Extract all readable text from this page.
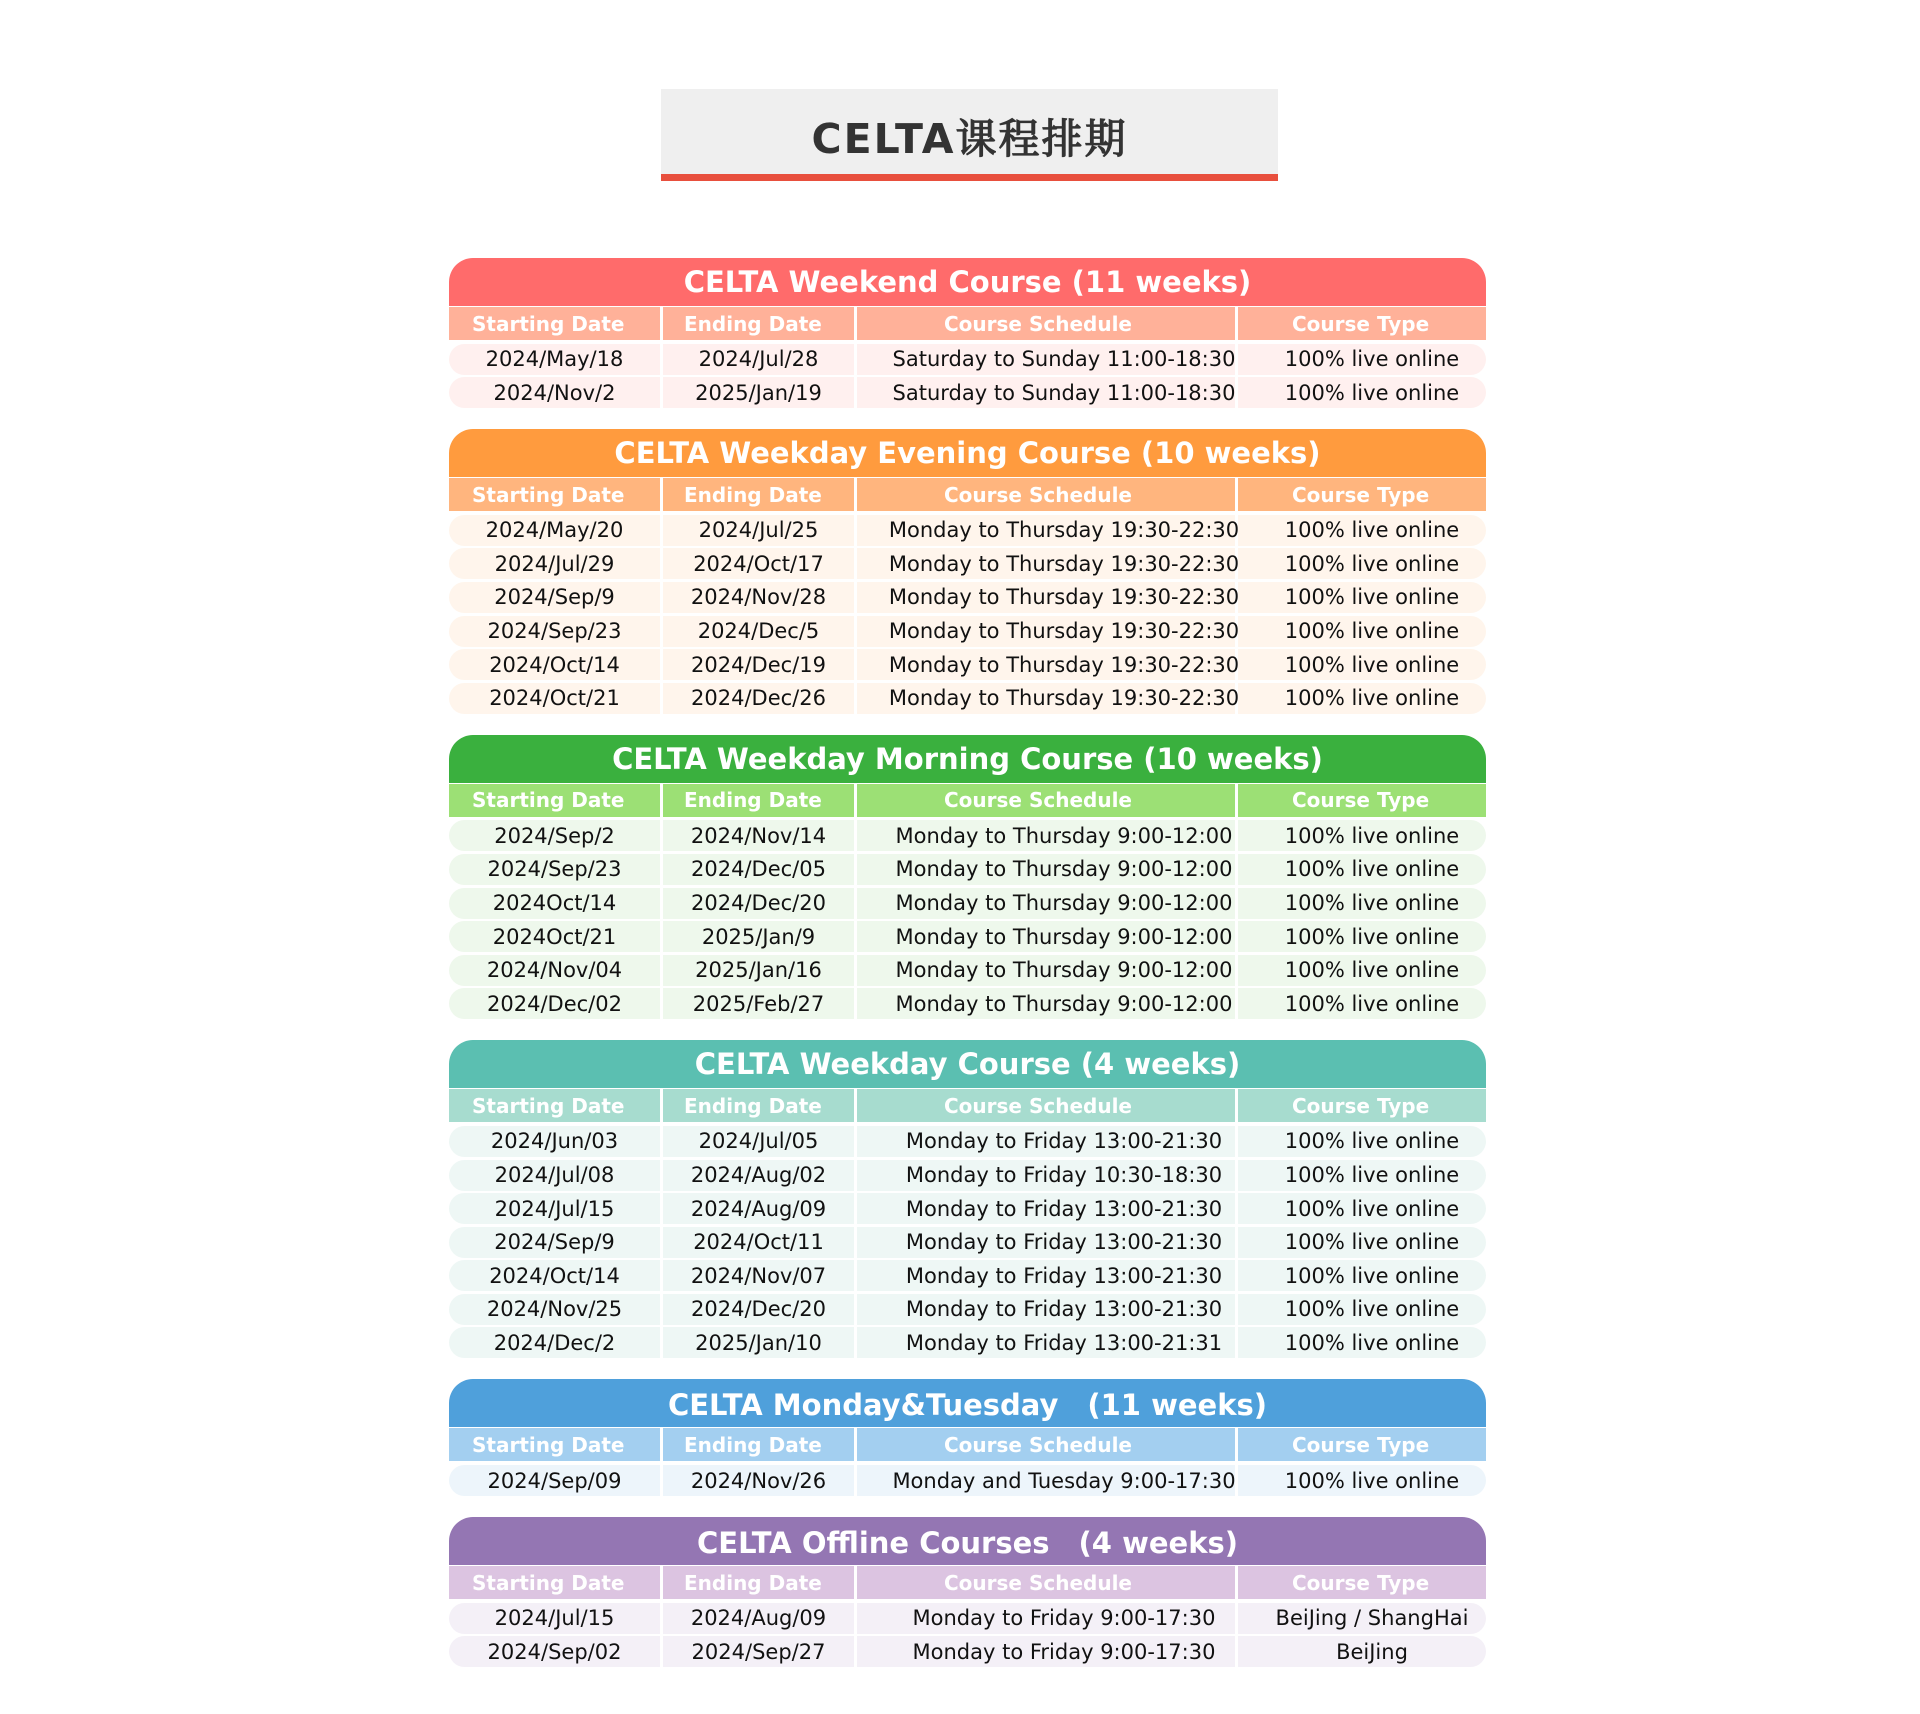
CELTA课程排期
CELTA Weekend Course (11 weeks)
Starting Date	Ending Date	Course Schedule	Course Type
2024/May/18	2024/Jul/28	Saturday to Sunday 11:00-18:30	100% live online
2024/Nov/2	2025/Jan/19	Saturday to Sunday 11:00-18:30	100% live online
CELTA Weekday Evening Course (10 weeks)
Starting Date	Ending Date	Course Schedule	Course Type
2024/May/20	2024/Jul/25	Monday to Thursday 19:30-22:30	100% live online
2024/Jul/29	2024/Oct/17	Monday to Thursday 19:30-22:30	100% live online
2024/Sep/9	2024/Nov/28	Monday to Thursday 19:30-22:30	100% live online
2024/Sep/23	2024/Dec/5	Monday to Thursday 19:30-22:30	100% live online
2024/Oct/14	2024/Dec/19	Monday to Thursday 19:30-22:30	100% live online
2024/Oct/21	2024/Dec/26	Monday to Thursday 19:30-22:30	100% live online
CELTA Weekday Morning Course (10 weeks)
Starting Date	Ending Date	Course Schedule	Course Type
2024/Sep/2	2024/Nov/14	Monday to Thursday 9:00-12:00	100% live online
2024/Sep/23	2024/Dec/05	Monday to Thursday 9:00-12:00	100% live online
2024Oct/14	2024/Dec/20	Monday to Thursday 9:00-12:00	100% live online
2024Oct/21	2025/Jan/9	Monday to Thursday 9:00-12:00	100% live online
2024/Nov/04	2025/Jan/16	Monday to Thursday 9:00-12:00	100% live online
2024/Dec/02	2025/Feb/27	Monday to Thursday 9:00-12:00	100% live online
CELTA Weekday Course (4 weeks)
Starting Date	Ending Date	Course Schedule	Course Type
2024/Jun/03	2024/Jul/05	Monday to Friday 13:00-21:30	100% live online
2024/Jul/08	2024/Aug/02	Monday to Friday 10:30-18:30	100% live online
2024/Jul/15	2024/Aug/09	Monday to Friday 13:00-21:30	100% live online
2024/Sep/9	2024/Oct/11	Monday to Friday 13:00-21:30	100% live online
2024/Oct/14	2024/Nov/07	Monday to Friday 13:00-21:30	100% live online
2024/Nov/25	2024/Dec/20	Monday to Friday 13:00-21:30	100% live online
2024/Dec/2	2025/Jan/10	Monday to Friday 13:00-21:31	100% live online
CELTA Monday&Tuesday　(11 weeks)
Starting Date	Ending Date	Course Schedule	Course Type
2024/Sep/09	2024/Nov/26	Monday and Tuesday 9:00-17:30	100% live online
CELTA Offline Courses　(4 weeks)
Starting Date	Ending Date	Course Schedule	Course Type
2024/Jul/15	2024/Aug/09	Monday to Friday 9:00-17:30	BeiJing / ShangHai
2024/Sep/02	2024/Sep/27	Monday to Friday 9:00-17:30	BeiJing
